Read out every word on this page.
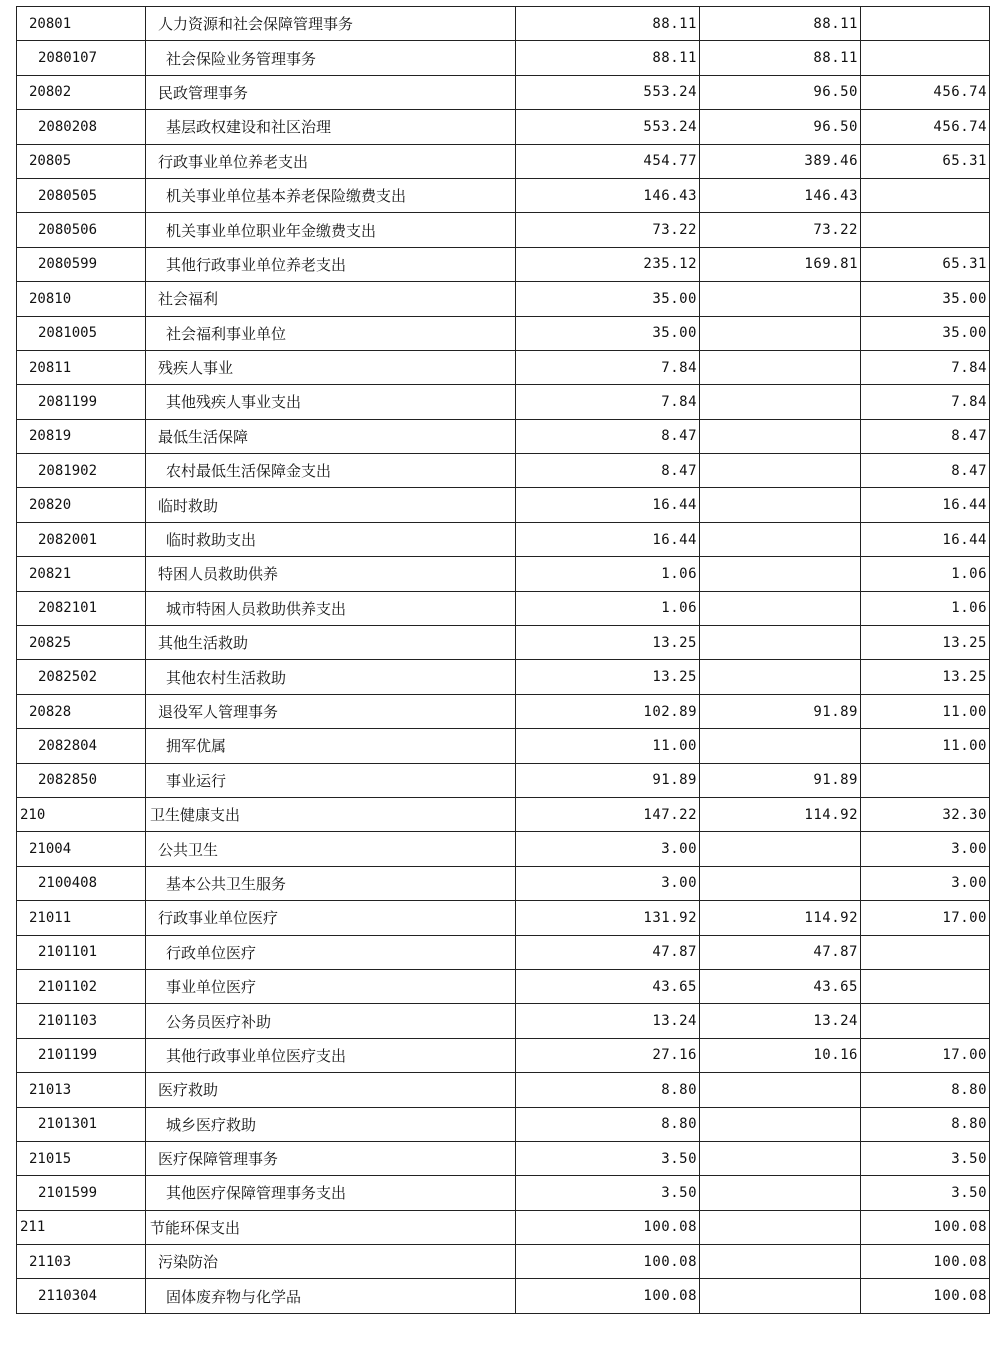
20801	人力资源和社会保障管理事务	88.11	88.11	
2080107	社会保险业务管理事务	88.11	88.11	
20802	民政管理事务	553.24	96.50	456.74
2080208	基层政权建设和社区治理	553.24	96.50	456.74
20805	行政事业单位养老支出	454.77	389.46	65.31
2080505	机关事业单位基本养老保险缴费支出	146.43	146.43	
2080506	机关事业单位职业年金缴费支出	73.22	73.22	
2080599	其他行政事业单位养老支出	235.12	169.81	65.31
20810	社会福利	35.00		35.00
2081005	社会福利事业单位	35.00		35.00
20811	残疾人事业	7.84		7.84
2081199	其他残疾人事业支出	7.84		7.84
20819	最低生活保障	8.47		8.47
2081902	农村最低生活保障金支出	8.47		8.47
20820	临时救助	16.44		16.44
2082001	临时救助支出	16.44		16.44
20821	特困人员救助供养	1.06		1.06
2082101	城市特困人员救助供养支出	1.06		1.06
20825	其他生活救助	13.25		13.25
2082502	其他农村生活救助	13.25		13.25
20828	退役军人管理事务	102.89	91.89	11.00
2082804	拥军优属	11.00		11.00
2082850	事业运行	91.89	91.89	
210	卫生健康支出	147.22	114.92	32.30
21004	公共卫生	3.00		3.00
2100408	基本公共卫生服务	3.00		3.00
21011	行政事业单位医疗	131.92	114.92	17.00
2101101	行政单位医疗	47.87	47.87	
2101102	事业单位医疗	43.65	43.65	
2101103	公务员医疗补助	13.24	13.24	
2101199	其他行政事业单位医疗支出	27.16	10.16	17.00
21013	医疗救助	8.80		8.80
2101301	城乡医疗救助	8.80		8.80
21015	医疗保障管理事务	3.50		3.50
2101599	其他医疗保障管理事务支出	3.50		3.50
211	节能环保支出	100.08		100.08
21103	污染防治	100.08		100.08
2110304	固体废弃物与化学品	100.08		100.08
